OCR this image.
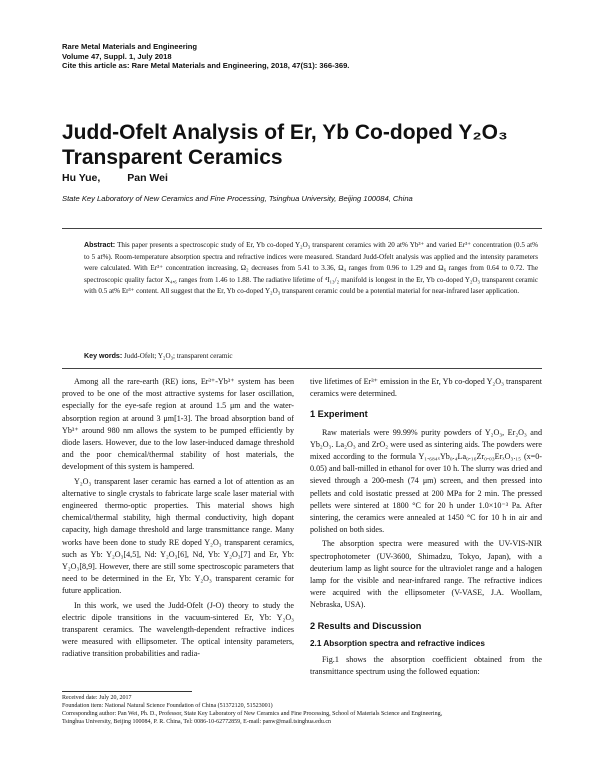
Rare Metal Materials and Engineering
Volume 47, Suppl. 1, July 2018
Cite this article as: Rare Metal Materials and Engineering, 2018, 47(S1): 366-369.
Judd-Ofelt Analysis of Er, Yb Co-doped Y₂O₃ Transparent Ceramics
Hu Yue,	Pan Wei
State Key Laboratory of New Ceramics and Fine Processing, Tsinghua University, Beijing 100084, China

Abstract: This paper presents a spectroscopic study of Er, Yb co-doped Y₂O₃ transparent ceramics with 20 at% Yb³⁺ and varied Er³⁺ concentration (0.5 at% to 5 at%). Room-temperature absorption spectra and refractive indices were measured. Standard Judd-Ofelt analysis was applied and the intensity parameters were calculated. With Er³⁺ concentration increasing, Ω₂ decreases from 5.41 to 3.36, Ω₄ ranges from 0.96 to 1.29 and Ω₆ ranges from 0.64 to 0.72. The spectroscopic quality factor X₄,₆ ranges from 1.46 to 1.88. The radiative lifetime of ⁴I₁₃/₂ manifold is longest in the Er, Yb co-doped Y₂O₃ transparent ceramic with 0.5 at% Er³⁺ content. All suggest that the Er, Yb co-doped Y₂O₃ transparent ceramic could be a potential material for near-infrared laser application.

Key words: Judd-Ofelt; Y₂O₃; transparent ceramic

Among all the rare-earth (RE) ions, Er³⁺-Yb³⁺ system has been proved to be one of the most attractive systems for laser oscillation, especially for the eye-safe region at around 1.5 μm and the water-absorption region at around 3 μm[1-3]. The broad absorption band of Yb³⁺ around 980 nm allows the system to be pumped efficiently by diode lasers. However, due to the low laser-induced damage threshold and the poor chemical/thermal stability of host materials, the development of this system is hampered.

Y₂O₃ transparent laser ceramic has earned a lot of attention as an alternative to single crystals to fabricate large scale laser material with engineered thermo-optic properties. This material shows high chemical/thermal stability, high thermal conductivity, high dopant capacity, high damage threshold and large transmittance range. Many works have been done to study RE doped Y₂O₃ transparent ceramics, such as Yb: Y₂O₃[4,5], Nd: Y₂O₃[6], Nd, Yb: Y₂O₃[7] and Er, Yb: Y₂O₃[8,9]. However, there are still some spectroscopic parameters that need to be determined in the Er, Yb: Y₂O₃ transparent ceramic for future application.

In this work, we used the Judd-Ofelt (J-O) theory to study the electric dipole transitions in the vacuum-sintered Er, Yb: Y₂O₃ transparent ceramics. The wavelength-dependent refractive indices were measured with ellipsometer. The optical intensity parameters, radiative transition probabilities and radia-

tive lifetimes of Er³⁺ emission in the Er, Yb co-doped Y₂O₃ transparent ceramics were determined.

1 Experiment

Raw materials were 99.99% purity powders of Y₂O₃, Er₂O₃ and Yb₂O₃. La₂O₃ and ZrO₂ were used as sintering aids. The powders were mixed according to the formula Y₁.₆₈₄ₓYb₀.₄La₀.₁₆Zr₀.₀₃ErₓO₃.₁₅ (x=0-0.05) and ball-milled in ethanol for over 10 h. The slurry was dried and sieved through a 200-mesh (74 μm) screen, and then pressed into pellets and cold isostatic pressed at 200 MPa for 2 min. The pressed pellets were sintered at 1800 °C for 20 h under 1.0×10⁻³ Pa. After sintering, the ceramics were annealed at 1450 °C for 10 h in air and polished on both sides.

The absorption spectra were measured with the UV-VIS-NIR spectrophotometer (UV-3600, Shimadzu, Tokyo, Japan), with a deuterium lamp as light source for the ultraviolet range and a halogen lamp for the visible and near-infrared range. The refractive indices were acquired with the ellipsometer (V-VASE, J.A. Woollam, Nebraska, USA).

2 Results and Discussion
2.1 Absorption spectra and refractive indices

Fig.1 shows the absorption coefficient obtained from the transmittance spectrum using the followed equation:

Received date: July 20, 2017
Foundation item: National Natural Science Foundation of China (51372120, 51523001)
Corresponding author: Pan Wei, Ph. D., Professor, State Key Laboratory of New Ceramics and Fine Processing, School of Materials Science and Engineering,
Tsinghua University, Beijing 100084, P. R. China, Tel: 0086-10-62772859, E-mail: panw@mail.tsinghua.edu.cn
